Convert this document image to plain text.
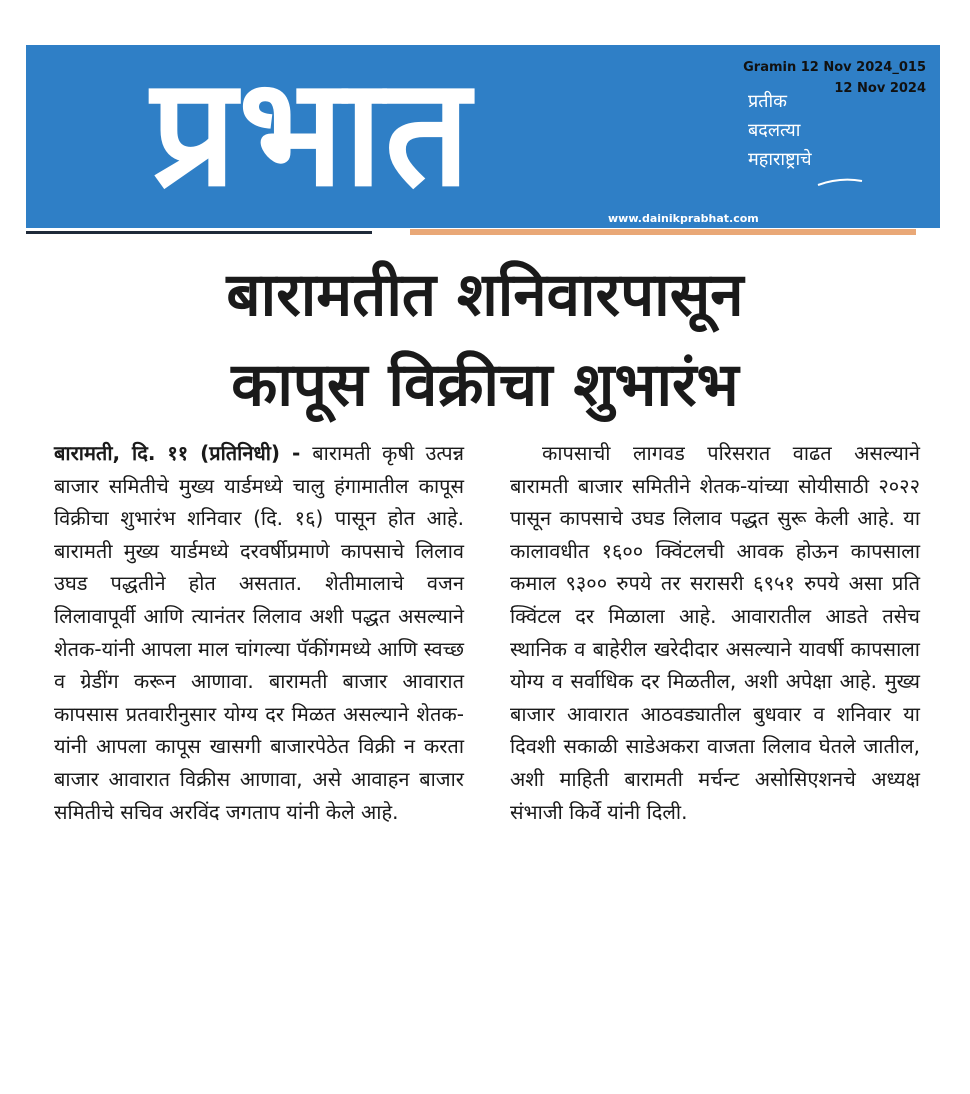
प्रभात	प्रतीक
बदलत्या
महाराष्ट्राचे
www.dainikprabhat.com
Gramin 12 Nov 2024_015
12 Nov 2024
बारामतीत शनिवारपासून
कापूस विक्रीचा शुभारंभ
बारामती, दि. ११ (प्रतिनिधी) - बारामती कृषी उत्पन्न बाजार समितीचे मुख्य यार्डमध्ये चालु हंगामातील कापूस विक्रीचा शुभारंभ शनिवार (दि. १६) पासून होत आहे. बारामती मुख्य यार्डमध्ये दरवर्षीप्रमाणे कापसाचे लिलाव उघड पद्धतीने होत असतात. शेतीमालाचे वजन लिलावापूर्वी आणि त्यानंतर लिलाव अशी पद्धत असल्याने शेतक-यांनी आपला माल चांगल्या पॅकींगमध्ये आणि स्वच्छ व ग्रेडींग करून आणावा. बारामती बाजार आवारात कापसास प्रतवारीनुसार योग्य दर मिळत असल्याने शेतक-यांनी आपला कापूस खासगी बाजारपेठेत विक्री न करता बाजार आवारात विक्रीस आणावा, असे आवाहन बाजार समितीचे सचिव अरविंद जगताप यांनी केले आहे.
कापसाची लागवड परिसरात वाढत असल्याने बारामती बाजार समितीने शेतक-यांच्या सोयीसाठी २०२२ पासून कापसाचे उघड लिलाव पद्धत सुरू केली आहे. या कालावधीत १६०० क्विंटलची आवक होऊन कापसाला कमाल ९३०० रुपये तर सरासरी ६९५१ रुपये असा प्रति क्विंटल दर मिळाला आहे. आवारातील आडते तसेच स्थानिक व बाहेरील खरेदीदार असल्याने यावर्षी कापसाला योग्य व सर्वाधिक दर मिळतील, अशी अपेक्षा आहे. मुख्य बाजार आवारात आठवड्यातील बुधवार व शनिवार या दिवशी सकाळी साडेअकरा वाजता लिलाव घेतले जातील, अशी माहिती बारामती मर्चन्ट असोसिएशनचे अध्यक्ष संभाजी किर्वे यांनी दिली.
